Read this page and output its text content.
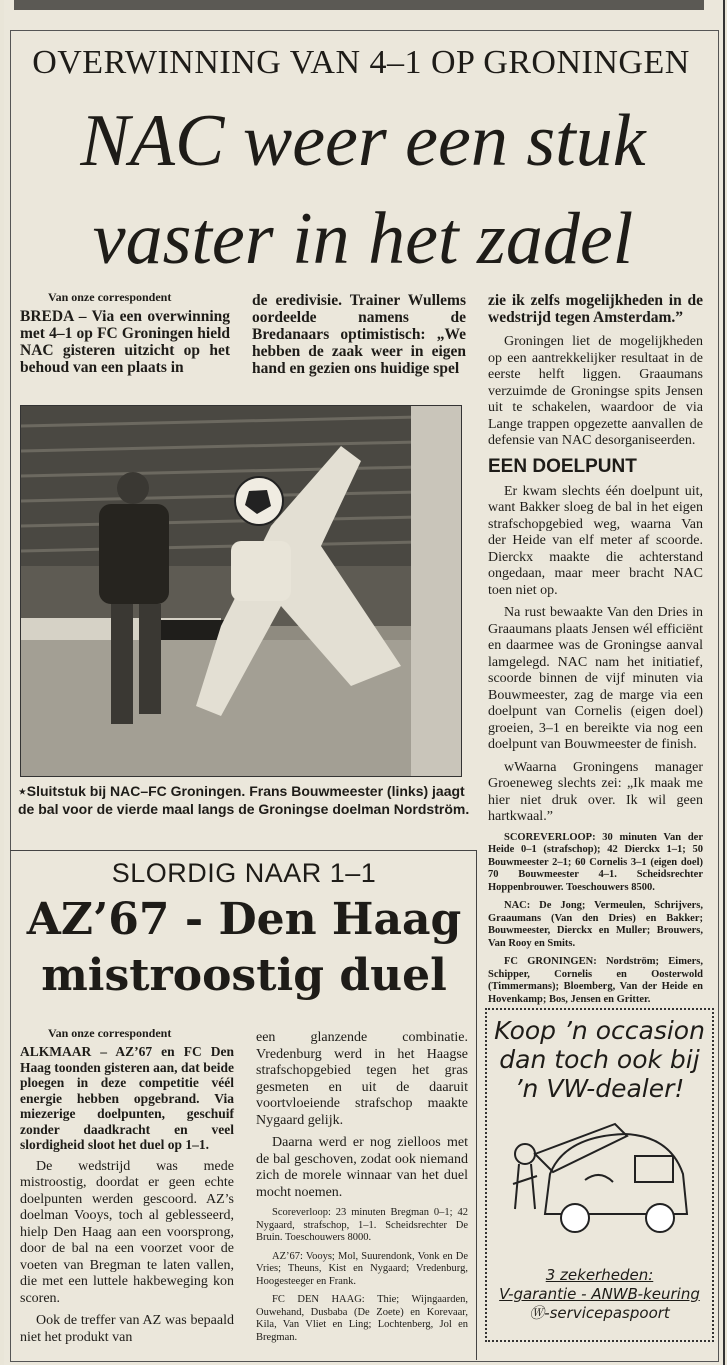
OVERWINNING VAN 4–1 OP GRONINGEN
NAC weer een stuk
vaster in het zadel
Van onze correspondent
BREDA – Via een overwinning met 4–1 op FC Groningen hield NAC gisteren uitzicht op het behoud van een plaats in
de eredivisie. Trainer Wullems oordeelde namens de Bredanaars optimistisch: „We hebben de zaak weer in eigen hand en gezien ons huidige spel
zie ik zelfs mogelijkheden in de wedstrijd tegen Amsterdam.”

Groningen liet de mogelijkheden op een aantrekkelijker resultaat in de eerste helft liggen. Graaumans verzuimde de Groningse spits Jensen uit te schakelen, waardoor de via Lange trappen opgezette aanvallen de defensie van NAC desorganiseerden.

EEN DOELPUNT

Er kwam slechts één doelpunt uit, want Bakker sloeg de bal in het eigen strafschopgebied weg, waarna Van der Heide van elf meter af scoorde. Dierckx maakte die achterstand ongedaan, maar meer bracht NAC toen niet op.

Na rust bewaakte Van den Dries in Graaumans plaats Jensen wél efficiënt en daarmee was de Groningse aanval lamgelegd. NAC nam het initiatief, scoorde binnen de vijf minuten via Bouwmeester, zag de marge via een doelpunt van Cornelis (eigen doel) groeien, 3–1 en bereikte via nog een doelpunt van Bouwmeester de finish.

wWaarna Groningens manager Groeneweg slechts zei: „Ik maak me hier niet druk over. Ik wil geen hartkwaal.”

SCOREVERLOOP: 30 minuten Van der Heide 0–1 (strafschop); 42 Dierckx 1–1; 50 Bouwmeester 2–1; 60 Cornelis 3–1 (eigen doel) 70 Bouwmeester 4–1. Scheidsrechter Hoppenbrouwer. Toeschouwers 8500.

NAC: De Jong; Vermeulen, Schrijvers, Graaumans (Van den Dries) en Bakker; Bouwmeester, Dierckx en Muller; Brouwers, Van Rooy en Smits.

FC GRONINGEN: Nordström; Eimers, Schipper, Cornelis en Oosterwold (Timmermans); Bloemberg, Van der Heide en Hovenkamp; Bos, Jensen en Gritter.

⋆Sluitstuk bij NAC–FC Groningen. Frans Bouwmeester (links) jaagt de bal voor de vierde maal langs de Groningse doelman Nordström.
SLORDIG NAAR 1–1
AZ’67 - Den Haag
mistroostig duel
Van onze correspondent

ALKMAAR – AZ’67 en FC Den Haag toonden gisteren aan, dat beide ploegen in deze competitie véél energie hebben opgebrand. Via miezerige doelpunten, geschuif zonder daadkracht en veel slordigheid sloot het duel op 1–1.

De wedstrijd was mede mistroostig, doordat er geen echte doelpunten werden gescoord. AZ’s doelman Vooys, toch al geblesseerd, hielp Den Haag aan een voorsprong, door de bal na een voorzet voor de voeten van Bregman te laten vallen, die met een luttele hakbeweging kon scoren.

Ook de treffer van AZ was bepaald niet het produkt van

een glanzende combinatie. Vredenburg werd in het Haagse strafschopgebied tegen het gras gesmeten en uit de daaruit voortvloeiende strafschop maakte Nygaard gelijk.

Daarna werd er nog zielloos met de bal geschoven, zodat ook niemand zich de morele winnaar van het duel mocht noemen.

Scoreverloop: 23 minuten Bregman 0–1; 42 Nygaard, strafschop, 1–1. Scheidsrechter De Bruin. Toeschouwers 8000.

AZ’67: Vooys; Mol, Suurendonk, Vonk en De Vries; Theuns, Kist en Nygaard; Vredenburg, Hoogesteeger en Frank.

FC DEN HAAG: Thie; Wijngaarden, Ouwehand, Dusbaba (De Zoete) en Korevaar, Kila, Van Vliet en Ling; Lochtenberg, Jol en Bregman.

Koop ’n occasion
dan toch ook bij
’n VW-dealer!
3 zekerheden:
V-garantie - ANWB-keuring
Ⓦ-servicepaspoort
